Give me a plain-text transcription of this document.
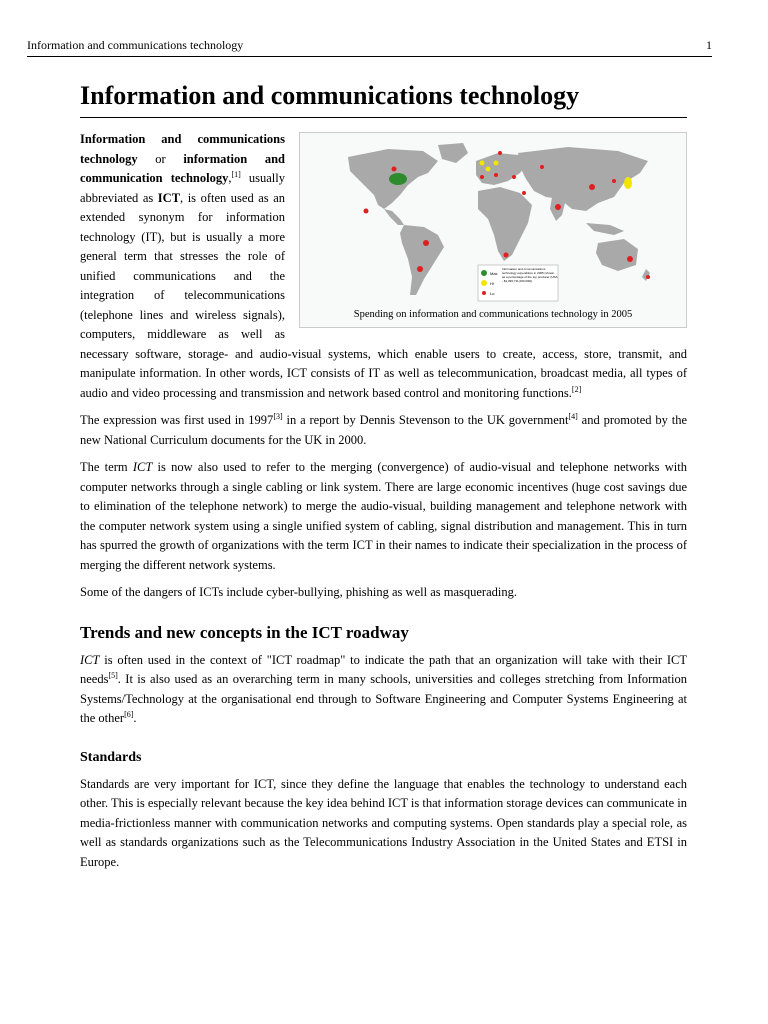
Information and communications technology	1
Information and communications technology
Max
Hi
Lo
Information and communications technology expenditure in 2005 (shown as a percentage of the top producer (USA - $1,096,711,000,000))
Spending on information and communications technology in 2005

Information and communications technology or information and communication technology,[1] usually abbreviated as ICT, is often used as an extended synonym for information technology (IT), but is usually a more general term that stresses the role of unified communications and the integration of telecommunications (telephone lines and wireless signals), computers, middleware as well as necessary software, storage- and audio-visual systems, which enable users to create, access, store, transmit, and manipulate information. In other words, ICT consists of IT as well as telecommunication, broadcast media, all types of audio and video processing and transmission and network based control and monitoring functions.[2]

The expression was first used in 1997[3] in a report by Dennis Stevenson to the UK government[4] and promoted by the new National Curriculum documents for the UK in 2000.

The term ICT is now also used to refer to the merging (convergence) of audio-visual and telephone networks with computer networks through a single cabling or link system. There are large economic incentives (huge cost savings due to elimination of the telephone network) to merge the audio-visual, building management and telephone network with the computer network system using a single unified system of cabling, signal distribution and management. This in turn has spurred the growth of organizations with the term ICT in their names to indicate their specialization in the process of merging the different network systems.

Some of the dangers of ICTs include cyber-bullying, phishing as well as masquerading.

Trends and new concepts in the ICT roadway

ICT is often used in the context of "ICT roadmap" to indicate the path that an organization will take with their ICT needs[5]. It is also used as an overarching term in many schools, universities and colleges stretching from Information Systems/Technology at the organisational end through to Software Engineering and Computer Systems Engineering at the other[6].

Standards

Standards are very important for ICT, since they define the language that enables the technology to understand each other. This is especially relevant because the key idea behind ICT is that information storage devices can communicate in media-frictionless manner with communication networks and computing systems. Open standards play a special role, as well as standards organizations such as the Telecommunications Industry Association in the United States and ETSI in Europe.
